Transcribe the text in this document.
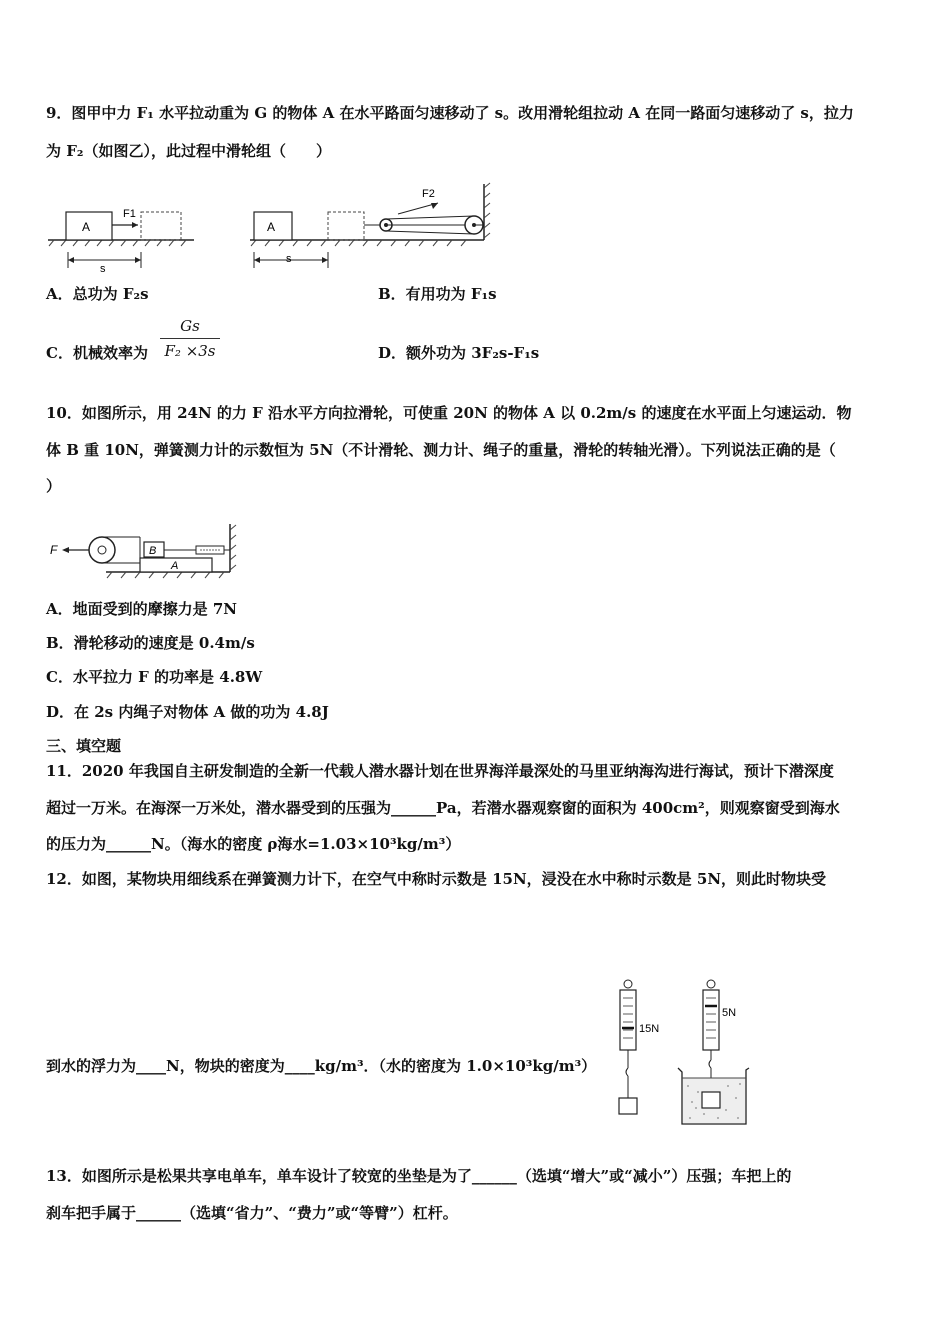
9．图甲中力 F₁ 水平拉动重为 G 的物体 A 在水平路面匀速移动了 s。改用滑轮组拉动 A 在同一路面匀速移动了 s，拉力
为 F₂（如图乙），此过程中滑轮组（　　）
A
F1
s
A
F2
s
A．总功为 F₂s	B．有用功为 F₁s
C．机械效率为
Gs
F₂ ×3s	D．额外功为 3F₂s-F₁s
10．如图所示，用 24N 的力 F 沿水平方向拉滑轮，可使重 20N 的物体 A 以 0.2m/s 的速度在水平面上匀速运动．物
体 B 重 10N，弹簧测力计的示数恒为 5N（不计滑轮、测力计、绳子的重量，滑轮的转轴光滑）。下列说法正确的是（
）
A
B
F
A．地面受到的摩擦力是 7N
B．滑轮移动的速度是 0.4m/s
C．水平拉力 F 的功率是 4.8W
D．在 2s 内绳子对物体 A 做的功为 4.8J
三、填空题
11．2020 年我国自主研发制造的全新一代载人潜水器计划在世界海洋最深处的马里亚纳海沟进行海试，预计下潜深度
超过一万米。在海深一万米处，潜水器受到的压强为______Pa，若潜水器观察窗的面积为 400cm²，则观察窗受到海水
的压力为______N。（海水的密度 ρ海水=1.03×10³kg/m³）
12．如图，某物块用细线系在弹簧测力计下，在空气中称时示数是 15N，浸没在水中称时示数是 5N，则此时物块受
到水的浮力为____N，物块的密度为____kg/m³．（水的密度为 1.0×10³kg/m³）
15N
5N
13．如图所示是松果共享电单车，单车设计了较宽的坐垫是为了______（选填“增大”或“减小”）压强；车把上的
刹车把手属于______（选填“省力”、“费力”或“等臂”）杠杆。
